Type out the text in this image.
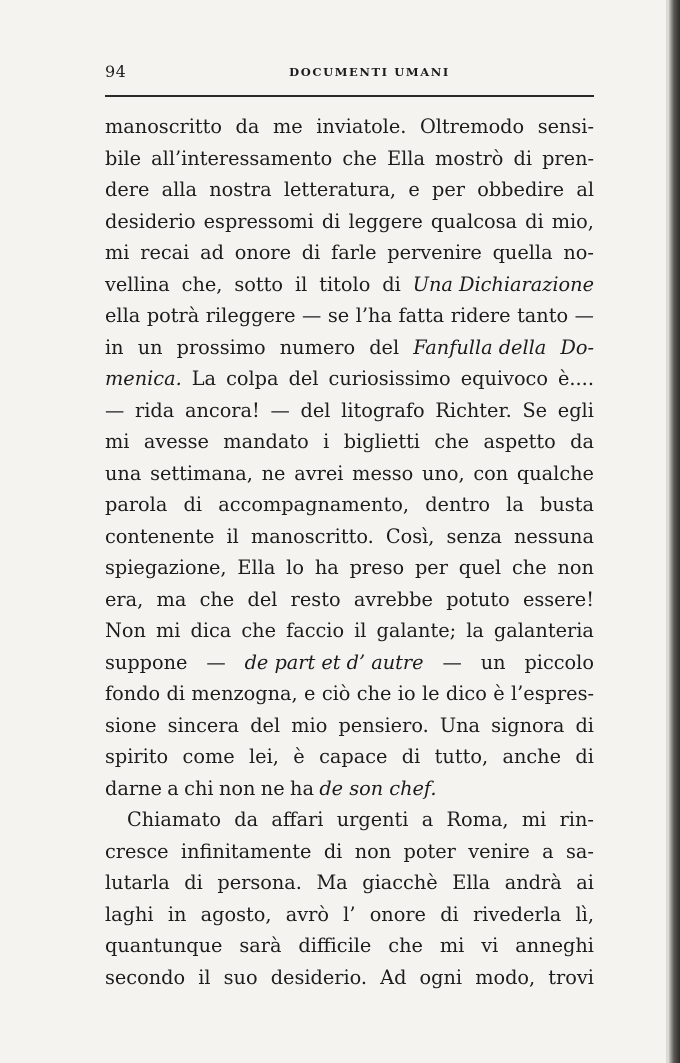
94	DOCUMENTI UMANI
manoscritto da me inviatole. Oltremodo sensi-
bile all’interessamento che Ella mostrò di pren-
dere alla nostra letteratura, e per obbedire al
desiderio espressomi di leggere qualcosa di mio,
mi recai ad onore di farle pervenire quella no-
vellina che, sotto il titolo di Una Dichiarazione
ella potrà rileggere — se l’ha fatta ridere tanto —
in un prossimo numero del Fanfulla della Do-
menica. La colpa del curiosissimo equivoco è....
— rida ancora! — del litografo Richter. Se egli
mi avesse mandato i biglietti che aspetto da
una settimana, ne avrei messo uno, con qualche
parola di accompagnamento, dentro la busta
contenente il manoscritto. Così, senza nessuna
spiegazione, Ella lo ha preso per quel che non
era, ma che del resto avrebbe potuto essere!
Non mi dica che faccio il galante; la galanteria
suppone — de part et d’ autre — un piccolo
fondo di menzogna, e ciò che io le dico è l’espres-
sione sincera del mio pensiero. Una signora di
spirito come lei, è capace di tutto, anche di
darne a chi non ne ha de son chef.
Chiamato da affari urgenti a Roma, mi rin-
cresce infinitamente di non poter venire a sa-
lutarla di persona. Ma giacchè Ella andrà ai
laghi in agosto, avrò l’ onore di rivederla lì,
quantunque sarà difficile che mi vi anneghi
secondo il suo desiderio. Ad ogni modo, trovi
